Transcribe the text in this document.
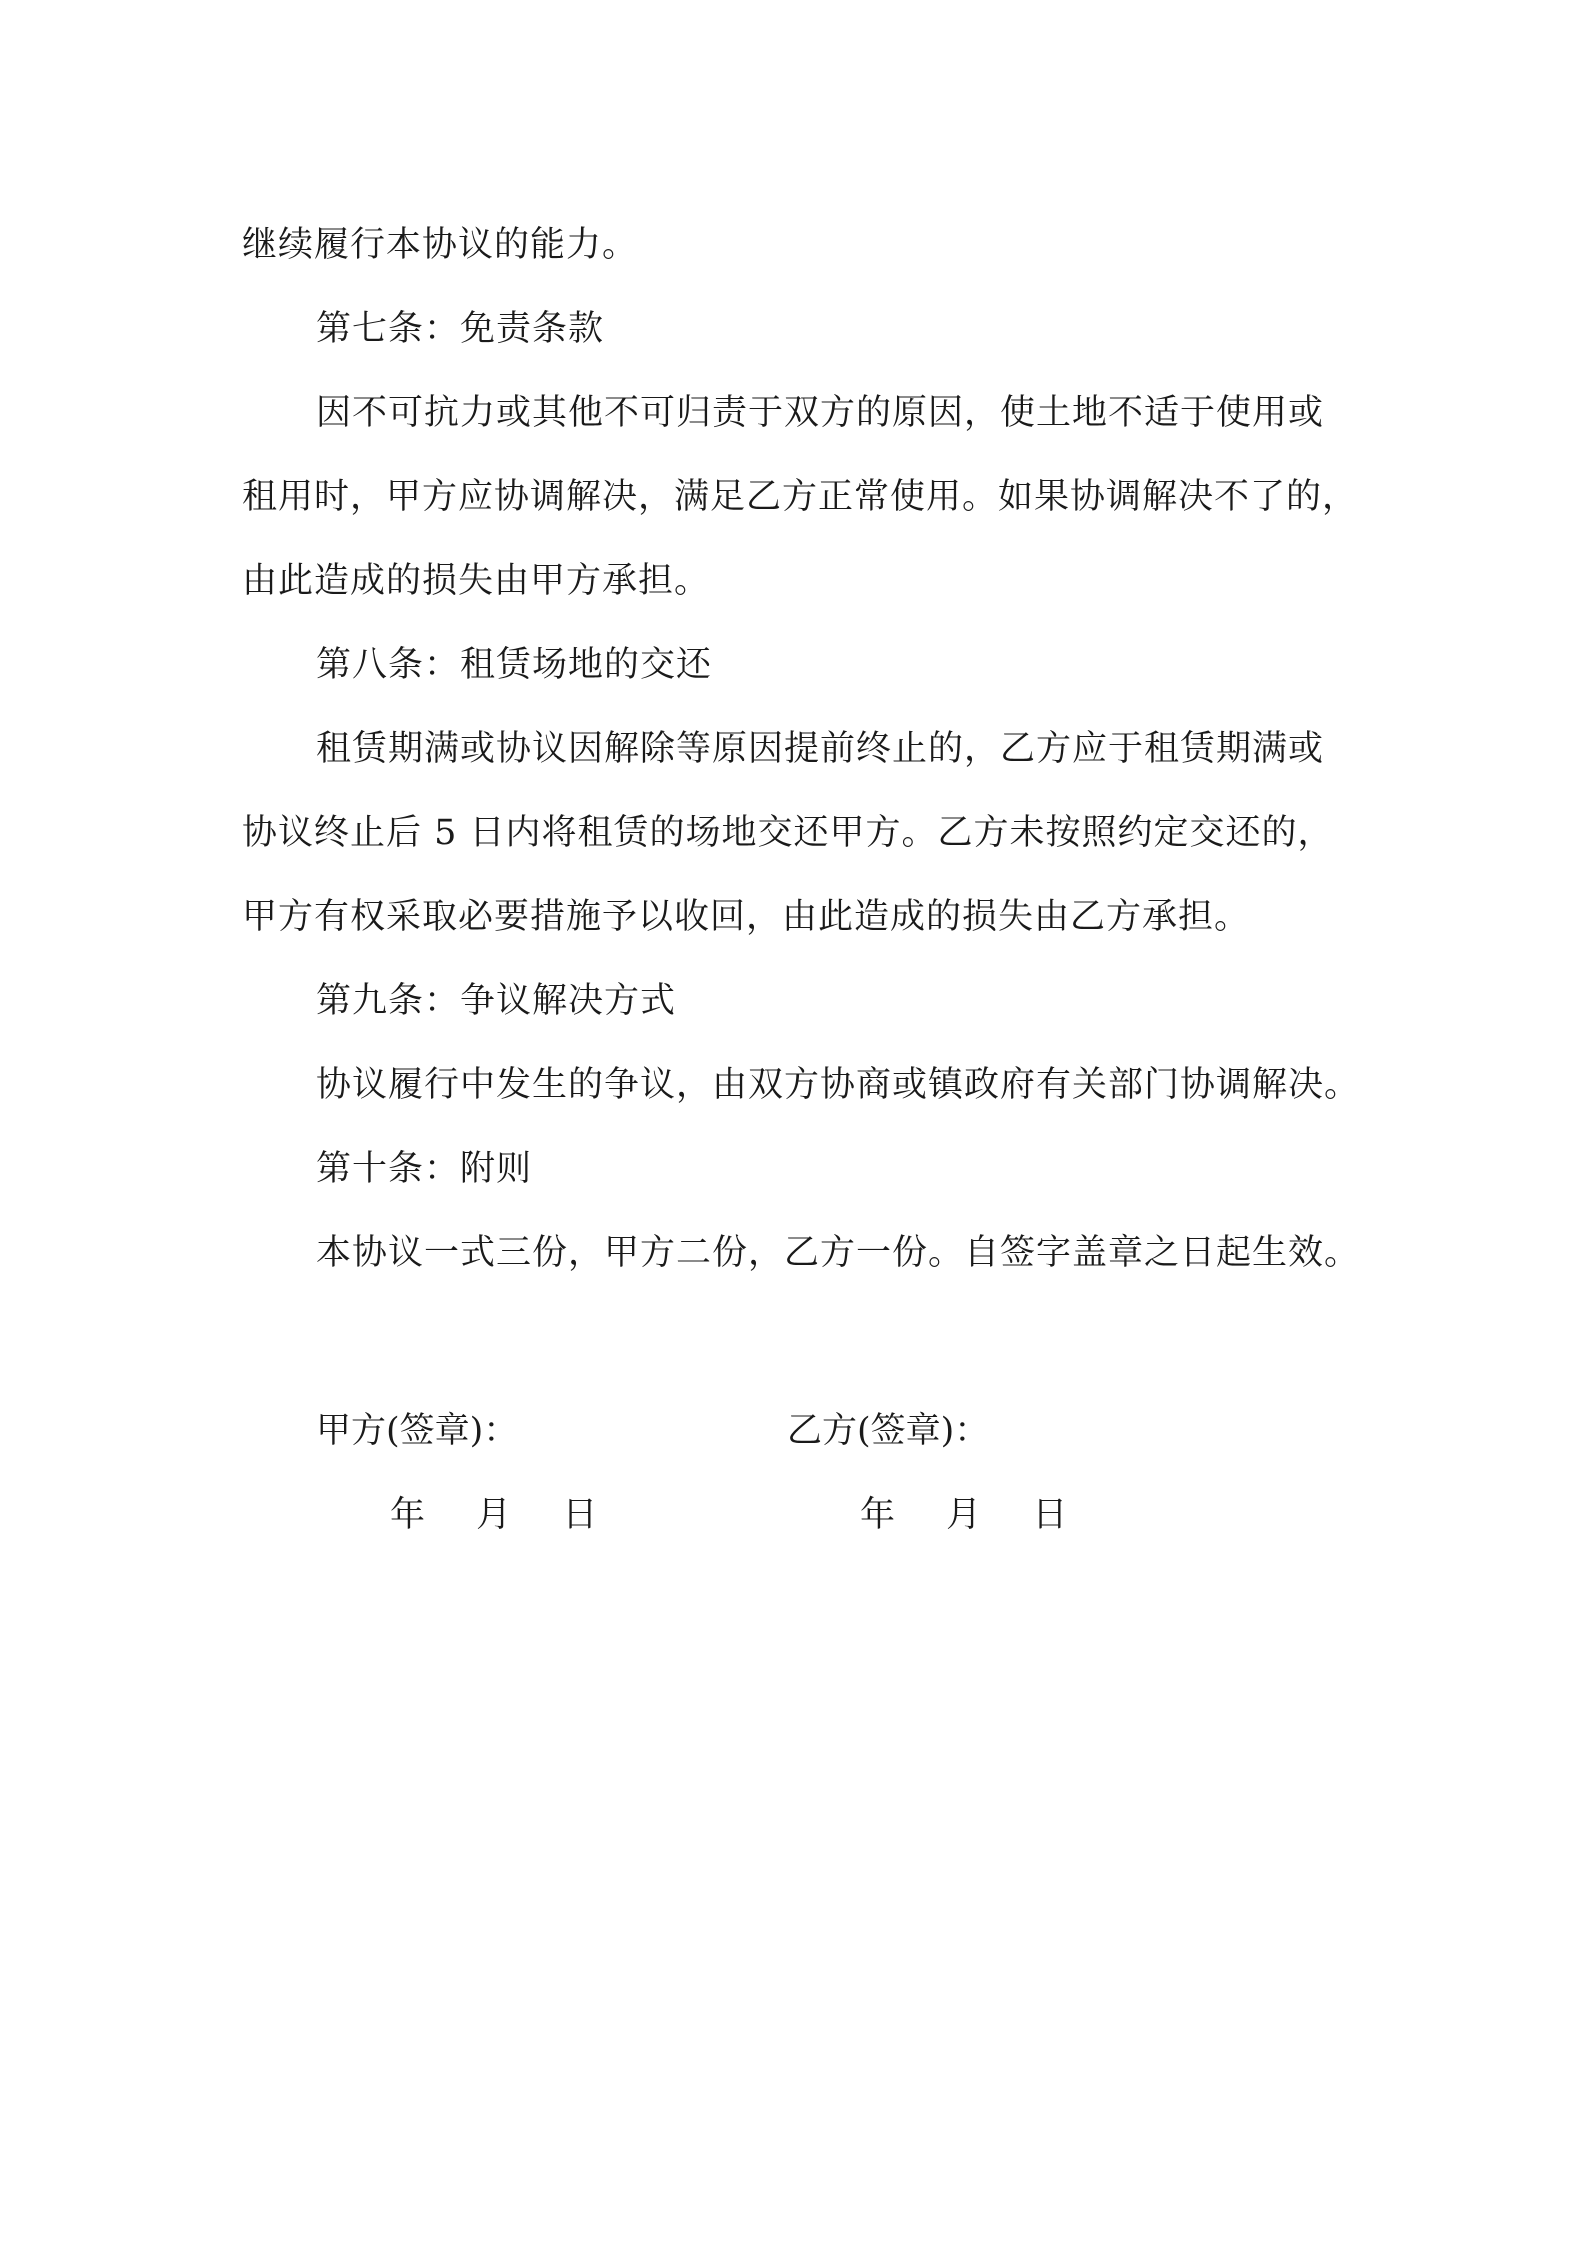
继续履行本协议的能力。
第七条：免责条款
因不可抗力或其他不可归责于双方的原因，使土地不适于使用或
租用时，甲方应协调解决，满足乙方正常使用。如果协调解决不了的，
由此造成的损失由甲方承担。
第八条：租赁场地的交还
租赁期满或协议因解除等原因提前终止的，乙方应于租赁期满或
协议终止后 5 日内将租赁的场地交还甲方。乙方未按照约定交还的，
甲方有权采取必要措施予以收回，由此造成的损失由乙方承担。
第九条：争议解决方式
协议履行中发生的争议，由双方协商或镇政府有关部门协调解决。
第十条：附则
本协议一式三份，甲方二份，乙方一份。自签字盖章之日起生效。
甲方(签章)：	乙方(签章)：
年 月 日	年 月 日
